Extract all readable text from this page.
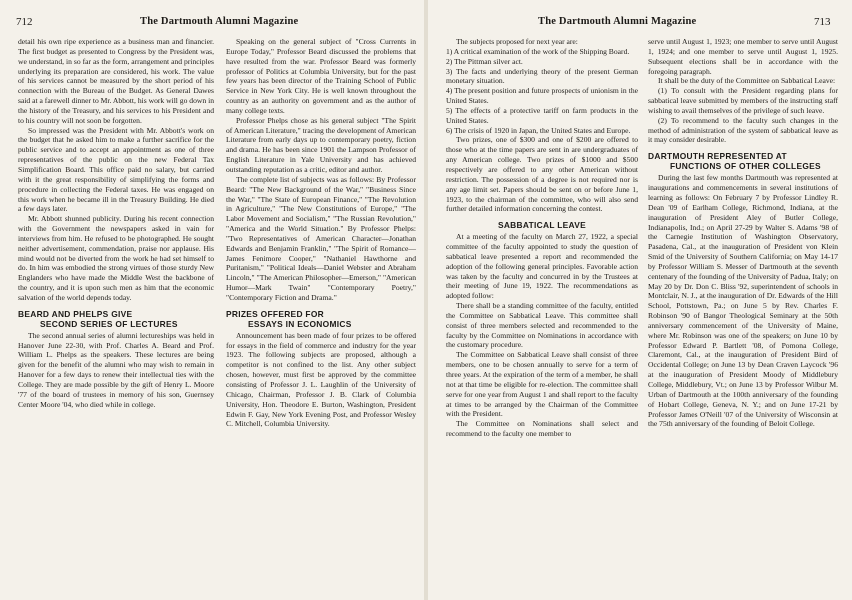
712	The Dartmouth Alumni Magazine

detail his own ripe experience as a business man and financier. The first budget as presented to Congress by the President was, we understand, in so far as the form, arrangement and principles underlying its preparation are considered, his work. The value of his services cannot be measured by the short period of his connection with the Bureau of the Budget. As General Dawes said at a farewell dinner to Mr. Abbott, his work will go down in the history of the Treasury, and his services to his President and to his country will not soon be forgotten.

So impressed was the President with Mr. Abbott's work on the budget that he asked him to make a further sacrifice for the public service and to accept an appointment as one of three representatives of the public on the new Federal Tax Simplification Board. This office paid no salary, but carried with it the great responsibility of simplifying the forms and procedure in collecting the Federal taxes. He was engaged on this work when he became ill in the Treasury Building. He died a few days later.

Mr. Abbott shunned publicity. During his recent connection with the Government the newspapers asked in vain for interviews from him. He refused to be photographed. He sought neither advertisement, commendation, praise nor applause. His mind would not be diverted from the work he had set himself to do. In him was embodied the strong virtues of those sturdy New Englanders who have made the Middle West the backbone of the country, and it is upon such men as him that the economic salvation of the world depends today.

BEARD AND PHELPS GIVE
SECOND SERIES OF LECTURES

The second annual series of alumni lectureships was held in Hanover June 22-30, with Prof. Charles A. Beard and Prof. William L. Phelps as the speakers. These lectures are being given for the benefit of the alumni who may wish to remain in Hanover for a few days to renew their intellectual ties with the College. They are made possible by the gift of Henry L. Moore '77 of the board of trustees in memory of his son, Guernsey Center Moore '04, who died while in college.

Speaking on the general subject of "Cross Currents in Europe Today," Professor Beard discussed the problems that have resulted from the war. Professor Beard was formerly professor of Politics at Columbia University, but for the past few years has been director of the Training School of Public Service in New York City. He is well known throughout the country as an authority on government and as the author of many college texts.

Professor Phelps chose as his general subject "The Spirit of American Literature," tracing the development of American Literature from early days up to contemporary poetry, fiction and drama. He has been since 1901 the Lampson Professor of English Literature in Yale University and has achieved outstanding reputation as a critic, editor and author.

The complete list of subjects was as follows: By Professor Beard: "The New Background of the War," "Business Since the War," "The State of European Finance," "The Revolution in Agriculture," "The New Constitutions of Europe," "The Labor Movement and Socialism," "The Russian Revolution," "America and the World Situation." By Professor Phelps: "Two Representatives of American Character—Jonathan Edwards and Benjamin Franklin," "The Spirit of Romance—James Fenimore Cooper," "Nathaniel Hawthorne and Puritanism," "Political Ideals—Daniel Webster and Abraham Lincoln," "The American Philosopher—Emerson," "American Humor—Mark Twain" "Contemporary Poetry," "Contemporary Fiction and Drama."

PRIZES OFFERED FOR
ESSAYS IN ECONOMICS

Announcement has been made of four prizes to be offered for essays in the field of commerce and industry for the year 1923. The following subjects are proposed, although a competitor is not confined to the list. Any other subject chosen, however, must first be approved by the committee consisting of Professor J. L. Laughlin of the University of Chicago, Chairman, Professor J. B. Clark of Columbia University, Hon. Theodore E. Burton, Washington, President Edwin F. Gay, New York Evening Post, and Professor Wesley C. Mitchell, Columbia University.

The Dartmouth Alumni Magazine	713

The subjects proposed for next year are:

1) A critical examination of the work of the Shipping Board.
2) The Pittman silver act.
3) The facts and underlying theory of the present German monetary situation.
4) The present position and future prospects of unionism in the United States.
5) The effects of a protective tariff on farm products in the United States.
6) The crisis of 1920 in Japan, the United States and Europe.

Two prizes, one of $300 and one of $200 are offered to those who at the time papers are sent in are undergraduates of any American college. Two prizes of $1000 and $500 respectively are offered to any other American without restriction. The possession of a degree is not required nor is any age limit set. Papers should be sent on or before June 1, 1923, to the chairman of the committee, who will also send further detailed information concerning the contest.

SABBATICAL LEAVE

At a meeting of the faculty on March 27, 1922, a special committee of the faculty appointed to study the question of sabbatical leave presented a report and recommended the adoption of the following general principles. Favorable action was taken by the faculty and concurred in by the Trustees at their meeting of June 19, 1922. The recommendations as adopted follow:

There shall be a standing committee of the faculty, entitled the Committee on Sabbatical Leave. This committee shall consist of three members selected and recommended to the faculty by the Committee on Nominations in accordance with the customary procedure.

The Committee on Sabbatical Leave shall consist of three members, one to be chosen annually to serve for a term of three years. At the expiration of the term of a member, he shall not at that time be eligible for re-election. The committee shall serve for one year from August 1 and shall report to the faculty at times to be arranged by the Chairman of the Committee with the President.

The Committee on Nominations shall select and recommend to the faculty one member to

serve until August 1, 1923; one member to serve until August 1, 1924; and one member to serve until August 1, 1925. Subsequent elections shall be in accordance with the foregoing paragraph.

It shall be the duty of the Committee on Sabbatical Leave:

(1) To consult with the President regarding plans for sabbatical leave submitted by members of the instructing staff wishing to avail themselves of the privilege of such leave.

(2) To recommend to the faculty such changes in the method of administration of the system of sabbatical leave as it may consider desirable.

DARTMOUTH REPRESENTED AT
FUNCTIONS OF OTHER COLLEGES

During the last few months Dartmouth was represented at inaugurations and commencements in several institutions of learning as follows: On February 7 by Professor Lindley R. Dean '09 of Earlham College, Richmond, Indiana, at the inauguration of President Aley of Butler College, Indianapolis, Ind.; on April 27-29 by Walter S. Adams '98 of the Carnegie Institution of Washington Observatory, Pasadena, Cal., at the inauguration of President von Klein Smid of the University of Southern California; on May 14-17 by Professor William S. Messer of Dartmouth at the seventh centenary of the founding of the University of Padua, Italy; on May 20 by Dr. Don C. Bliss '92, superintendent of schools in Montclair, N. J., at the inauguration of Dr. Edwards of the Hill School, Pottstown, Pa.; on June 5 by Rev. Charles F. Robinson '90 of Bangor Theological Seminary at the 50th anniversary commencement of the University of Maine, where Mr. Robinson was one of the speakers; on June 10 by Professor Edward P. Bartlett '08, of Pomona College, Claremont, Cal., at the inauguration of President Bird of Occidental College; on June 13 by Dean Craven Laycock '96 at the inauguration of President Moody of Middlebury College, Middlebury, Vt.; on June 13 by Professor Wilbur M. Urban of Dartmouth at the 100th anniversary of the founding of Hobart College, Geneva, N. Y.; and on June 17-21 by Professor James O'Neill '07 of the University of Wisconsin at the 75th anniversary of the founding of Beloit College.
